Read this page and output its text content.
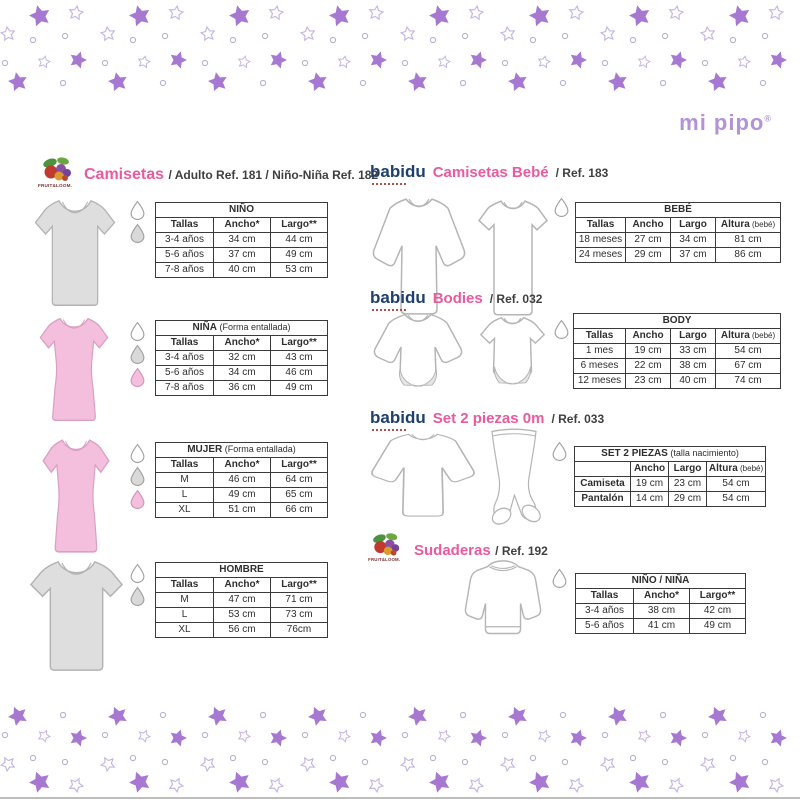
mi pipo®
FRUIT&LOOM.
Camisetas / Adulto Ref. 181 / Niño-Niña Ref. 182
NIÑO		
Tallas	Ancho*	Largo**
3-4 años	34 cm	44 cm
5-6 años	37 cm	49 cm
7-8 años	40 cm	53 cm
NIÑA (Forma entallada)		
Tallas	Ancho*	Largo**
3-4 años	32 cm	43 cm
5-6 años	34 cm	46 cm
7-8 años	36 cm	49 cm
MUJER (Forma entallada)		
Tallas	Ancho*	Largo**
M	46 cm	64 cm
L	49 cm	65 cm
XL	51 cm	66 cm
HOMBRE		
Tallas	Ancho*	Largo**
M	47 cm	71 cm
L	53 cm	73 cm
XL	56 cm	76cm
babidu Camisetas Bebé / Ref. 183
BEBÉ			
Tallas	Ancho	Largo	Altura (bebé)
18 meses	27 cm	34 cm	81 cm
24 meses	29 cm	37 cm	86 cm
babidu Bodies / Ref. 032
BODY			
Tallas	Ancho	Largo	Altura (bebé)
1 mes	19 cm	33 cm	54 cm
6 meses	22 cm	38 cm	67 cm
12 meses	23 cm	40 cm	74 cm
babidu Set 2 piezas 0m / Ref. 033
SET 2 PIEZAS (talla nacimiento)			
	Ancho	Largo	Altura (bebé)
Camiseta	19 cm	23 cm	54 cm
Pantalón	14 cm	29 cm	54 cm
FRUIT&LOOM.
Sudaderas / Ref. 192
NIÑO / NIÑA		
Tallas	Ancho*	Largo**
3-4 años	38 cm	42 cm
5-6 años	41 cm	49 cm
